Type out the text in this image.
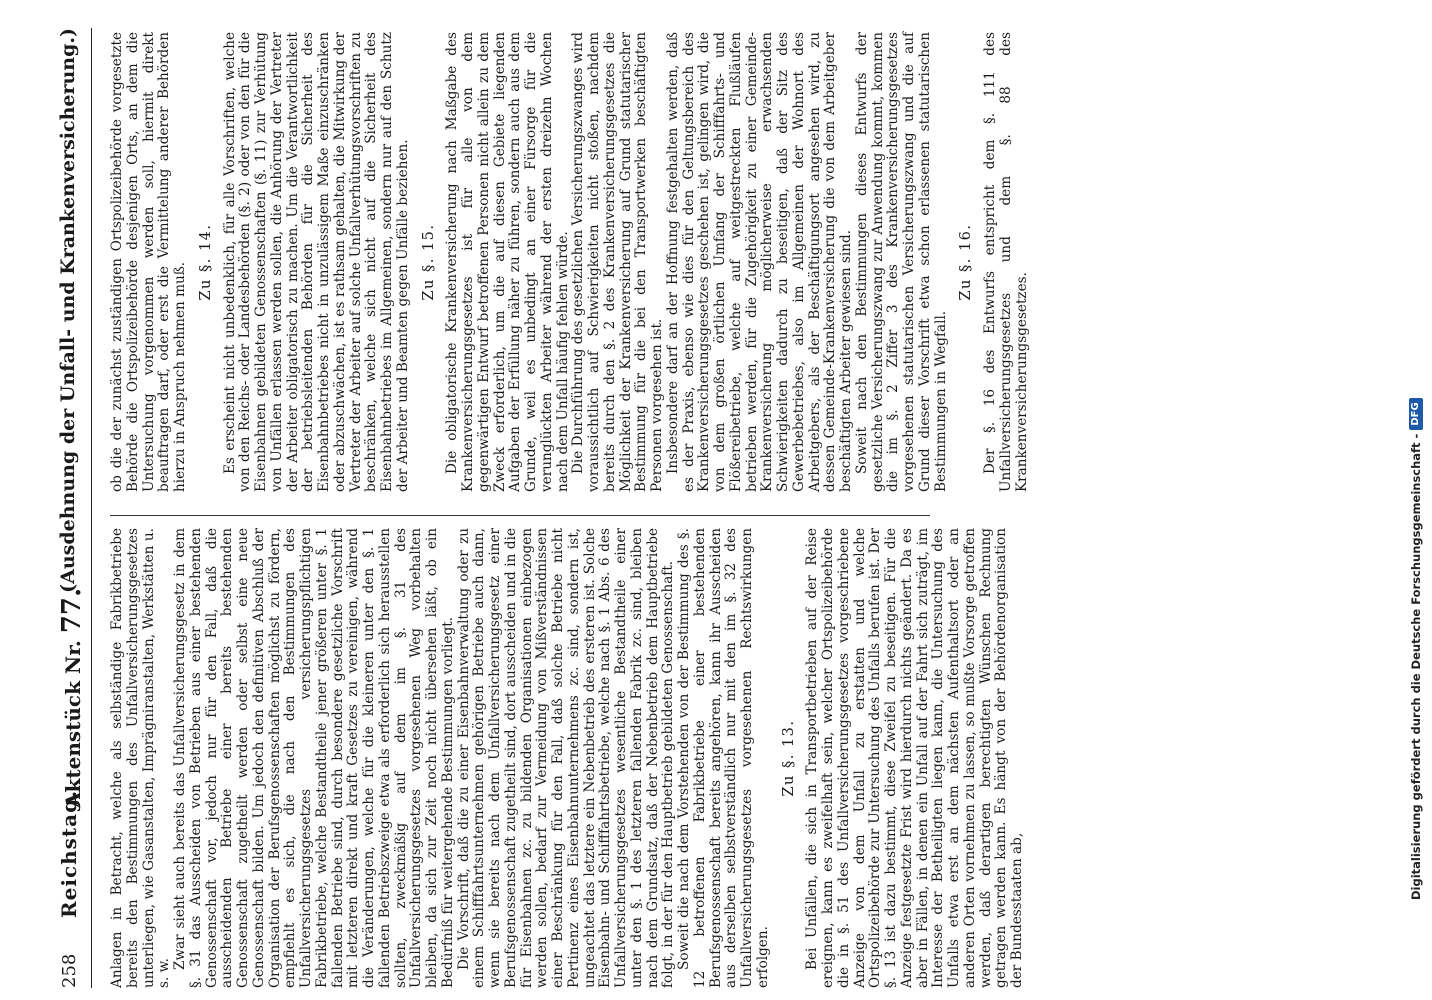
258
Reichstag.
Aktenstück Nr. 77.
(Ausdehnung der Unfall- und Krankenversicherung.)

Anlagen in Betracht, welche als selbständige Fabrikbetriebe bereits den Bestimmungen des Unfallversicherungsgesetzes unterliegen, wie Gasanstalten, Imprägniranstalten, Werkstätten u. s. w.

Zwar sieht auch bereits das Unfallversicherungsgesetz in dem §. 31 das Ausscheiden von Betrieben aus einer bestehenden Genossenschaft vor, jedoch nur für den Fall, daß die ausscheidenden Betriebe einer bereits bestehenden Genossenschaft zugetheilt werden oder selbst eine neue Genossenschaft bilden. Um jedoch den definitiven Abschluß der Organisation der Berufsgenossenschaften möglichst zu fördern, empfiehlt es sich, die nach den Bestimmungen des Unfallversicherungsgesetzes versicherungspflichtigen Fabrikbetriebe, welche Bestandtheile jener größeren unter §. 1 fallenden Betriebe sind, durch besondere gesetzliche Vorschrift mit letzteren direkt und kraft Gesetzes zu vereinigen, während die Veränderungen, welche für die kleineren unter den §. 1 fallenden Betriebszweige etwa als erforderlich sich herausstellen sollten, zweckmäßig auf dem im §. 31 des Unfallversicherungsgesetzes vorgesehenen Weg vorbehalten bleiben, da sich zur Zeit noch nicht übersehen läßt, ob ein Bedürfniß für weitergehende Bestimmungen vorliegt. Die Vorschrift, daß die zu einer Eisenbahnverwaltung oder zu einem Schifffahrtsunternehmen gehörigen Betriebe auch dann, wenn sie bereits nach dem Unfallversicherungsgesetz einer Berufsgenossenschaft zugetheilt sind, dort ausscheiden und in die für Eisenbahnen zc. zu bildenden Organisationen einbezogen werden sollen, bedarf zur Vermeidung von Mißverständnissen einer Beschränkung für den Fall, daß solche Betriebe nicht Pertinenz eines Eisenbahnunternehmens zc. sind, sondern ist, ungeachtet das letztere ein Nebenbetrieb des ersteren ist. Solche Eisenbahn- und Schifffahrtsbetriebe, welche nach §. 1 Abs. 6 des Unfallversicherungsgesetzes wesentliche Bestandtheile einer unter den §. 1 des letzteren fallenden Fabrik zc. sind, bleiben nach dem Grundsatz, daß der Nebenbetrieb dem Hauptbetriebe folgt, in der für den Hauptbetrieb gebildeten Genossenschaft. Soweit die nach dem Vorstehenden von der Bestimmung des §. 12 betroffenen Fabrikbetriebe einer bestehenden Berufsgenossenschaft bereits angehören, kann ihr Ausscheiden aus derselben selbstverständlich nur mit den im §. 32 des Unfallversicherungsgesetzes vorgesehenen Rechtswirkungen erfolgen.

Zu §. 13. Bei Unfällen, die sich in Transportbetrieben auf der Reise ereignen, kann es zweifelhaft sein, welcher Ortspolizeibehörde die in §. 51 des Unfallversicherungsgesetzes vorgeschriebene Anzeige von dem Unfall zu erstatten und welche Ortspolizeibehörde zur Untersuchung des Unfalls berufen ist. Der §. 13 ist dazu bestimmt, diese Zweifel zu beseitigen. Für die Anzeige festgesetzte Frist wird hierdurch nichts geändert. Da es aber in Fällen, in denen ein Unfall auf der Fahrt sich zuträgt, im Interesse der Betheiligten liegen kann, die Untersuchung des Unfalls etwa erst an dem nächsten Aufenthaltsort oder an anderen Orten vornehmen zu lassen, so mußte Vorsorge getroffen werden, daß derartigen berechtigten Wünschen Rechnung getragen werden kann. Es hängt von der Behördenorganisation der Bundesstaaten ab,

ob die der zunächst zuständigen Ortspolizeibehörde vorgesetzte Behörde die Ortspolizeibehörde desjenigen Orts, an dem die Untersuchung vorgenommen werden soll, hiermit direkt beauftragen darf, oder erst die Vermittelung anderer Behörden hierzu in Anspruch nehmen muß. Zu §. 14. Es erscheint nicht unbedenklich, für alle Vorschriften, welche von den Reichs- oder Landesbehörden (§. 2) oder von den für die Eisenbahnen gebildeten Genossenschaften (§. 11) zur Verhütung von Unfällen erlassen werden sollen, die Anhörung der Vertreter der Arbeiter obligatorisch zu machen. Um die Verantwortlichkeit der betriebsleitenden Behörden für die Sicherheit des Eisenbahnbetriebes nicht in unzulässigem Maße einzuschränken oder abzuschwächen, ist es rathsam gehalten, die Mitwirkung der Vertreter der Arbeiter auf solche Unfallverhütungsvorschriften zu beschränken, welche sich nicht auf die Sicherheit des Eisenbahnbetriebes im Allgemeinen, sondern nur auf den Schutz der Arbeiter und Beamten gegen Unfälle beziehen. Zu §. 15. Die obligatorische Krankenversicherung nach Maßgabe des Krankenversicherungsgesetzes ist für alle von dem gegenwärtigen Entwurf betroffenen Personen nicht allein zu dem Zweck erforderlich, um die auf diesen Gebiete liegenden Aufgaben der Erfüllung näher zu führen, sondern auch aus dem Grunde, weil es unbedingt an einer Fürsorge für die verunglückten Arbeiter während der ersten dreizehn Wochen nach dem Unfall häufig fehlen würde. Die Durchführung des gesetzlichen Versicherungszwanges wird voraussichtlich auf Schwierigkeiten nicht stoßen, nachdem bereits durch den §. 2 des Krankenversicherungsgesetzes die Möglichkeit der Krankenversicherung auf Grund statutarischer Bestimmung für die bei den Transportwerken beschäftigten Personen vorgesehen ist. Insbesondere darf an der Hoffnung festgehalten werden, daß es der Praxis, ebenso wie dies für den Geltungsbereich des Krankenversicherungsgesetzes geschehen ist, gelingen wird, die von dem großen örtlichen Umfang der Schifffahrts- und Flößereibetriebe, welche auf weitgestreckten Flußläufen betrieben werden, für die Zugehörigkeit zu einer Gemeinde-Krankenversicherung möglicherweise erwachsenden Schwierigkeiten dadurch zu beseitigen, daß der Sitz des Gewerbebetriebes, also im Allgemeinen der Wohnort des Arbeitgebers, als der Beschäftigungsort angesehen wird, zu dessen Gemeinde-Krankenversicherung die von dem Arbeitgeber beschäftigten Arbeiter gewiesen sind. Soweit nach den Bestimmungen dieses Entwurfs der gesetzliche Versicherungszwang zur Anwendung kommt, kommen die im §. 2 Ziffer 3 des Krankenversicherungsgesetzes vorgesehenen statutarischen Versicherungszwang und die auf Grund dieser Vorschrift etwa schon erlassenen statutarischen Bestimmungen in Wegfall.

Zu §. 16. Der §. 16 des Entwurfs entspricht dem §. 111 des Unfallversicherungsgesetzes und dem §. 88 des Krankenversicherungsgesetzes.

Digitalisierung gefördert durch die Deutsche Forschungsgemeinschaft -
DFG
